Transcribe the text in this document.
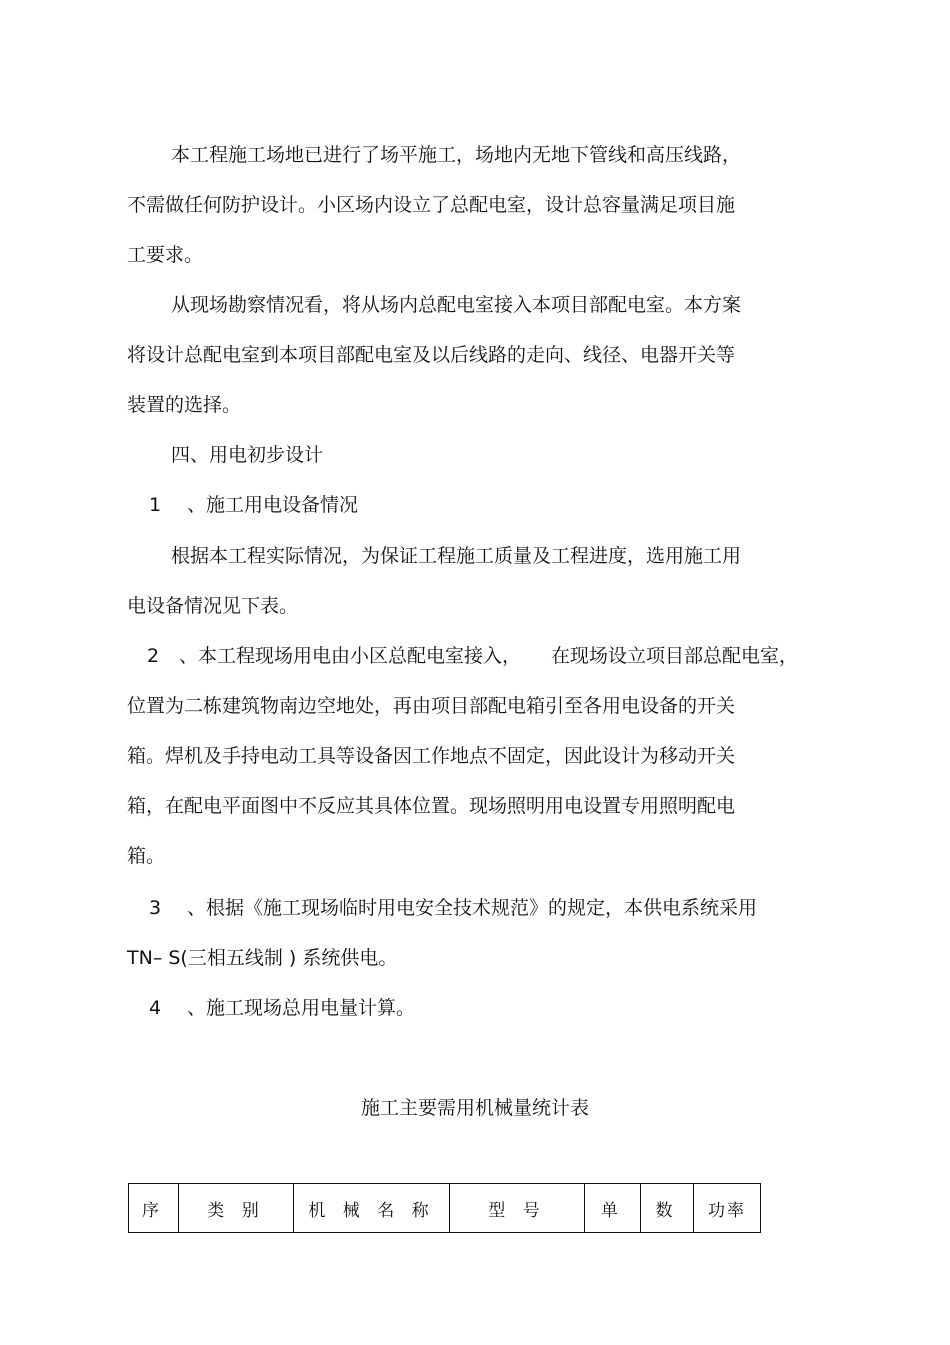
本工程施工场地已进行了场平施工，场地内无地下管线和高压线路，
不需做任何防护设计。小区场内设立了总配电室，设计总容量满足项目施
工要求。
从现场勘察情况看，将从场内总配电室接入本项目部配电室。本方案
将设计总配电室到本项目部配电室及以后线路的走向、线径、电器开关等
装置的选择。
四、用电初步设计
1 、施工用电设备情况
根据本工程实际情况，为保证工程施工质量及工程进度，选用施工用
电设备情况见下表。
2 、本工程现场用电由小区总配电室接入， 在现场设立项目部总配电室，
位置为二栋建筑物南边空地处，再由项目部配电箱引至各用电设备的开关
箱。焊机及手持电动工具等设备因工作地点不固定，因此设计为移动开关
箱，在配电平面图中不反应其具体位置。现场照明用电设置专用照明配电
箱。
3 、根据《施工现场临时用电安全技术规范》的规定，本供电系统采用
TN– S(三相五线制 ) 系统供电。
4 、施工现场总用电量计算。
施工主要需用机械量统计表
序	类 别	机 械 名 称	型 号	单	数	功率
